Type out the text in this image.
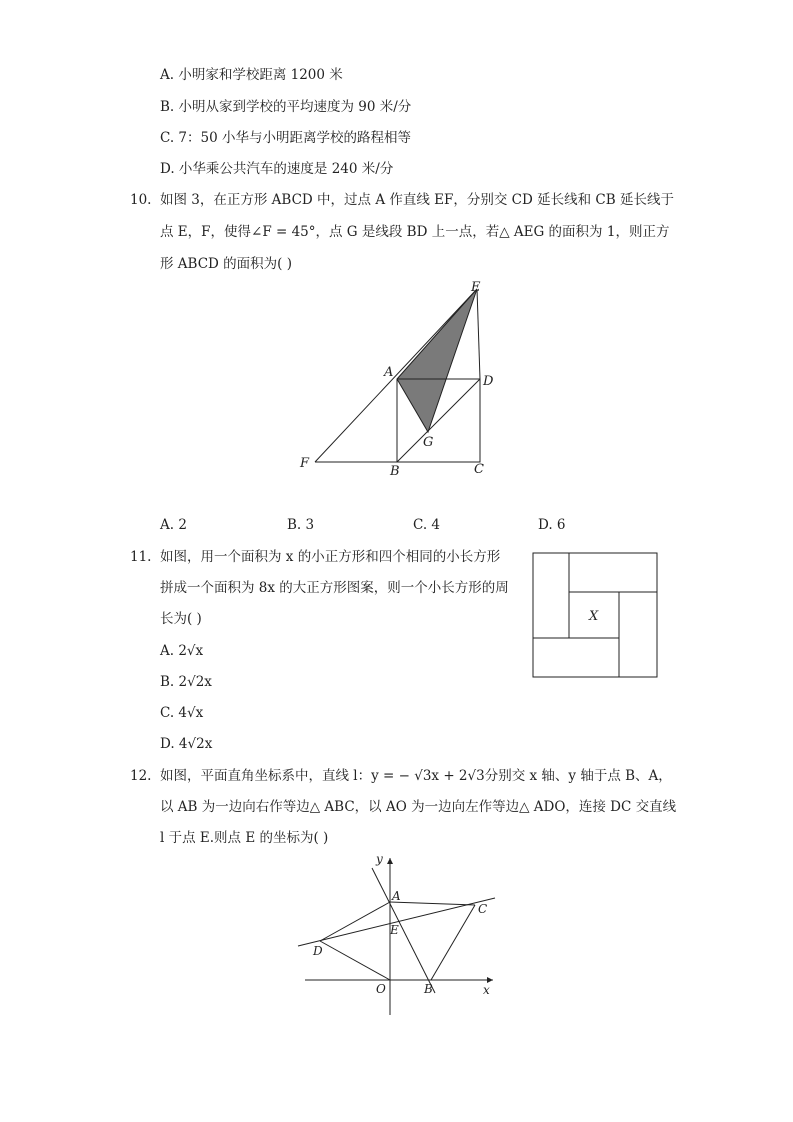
A. 小明家和学校距离 1200 米
B. 小明从家到学校的平均速度为 90 米/分
C. 7：50 小华与小明距离学校的路程相等
D. 小华乘公共汽车的速度是 240 米/分
10. 如图 3，在正方形 ABCD 中，过点 A 作直线 EF，分别交 CD 延长线和 CB 延长线于
点 E，F，使得∠F = 45°，点 G 是线段 BD 上一点，若△ AEG 的面积为 1，则正方
形 ABCD 的面积为( )
E
A
D
G
F
B	C
A. 2	B. 3	C. 4	D. 6
11. 如图，用一个面积为 x 的小正方形和四个相同的小长方形
拼成一个面积为 8x 的大正方形图案，则一个小长方形的周
长为( )	X
A. 2√x
B. 2√2x
C. 4√x
D. 4√2x
12. 如图，平面直角坐标系中，直线 l：y = − √3x + 2√3分别交 x 轴、y 轴于点 B、A，
以 AB 为一边向右作等边△ ABC，以 AO 为一边向左作等边△ ADO，连接 DC 交直线
l 于点 E.则点 E 的坐标为( )
y
A
C
E
D
O	B	x
